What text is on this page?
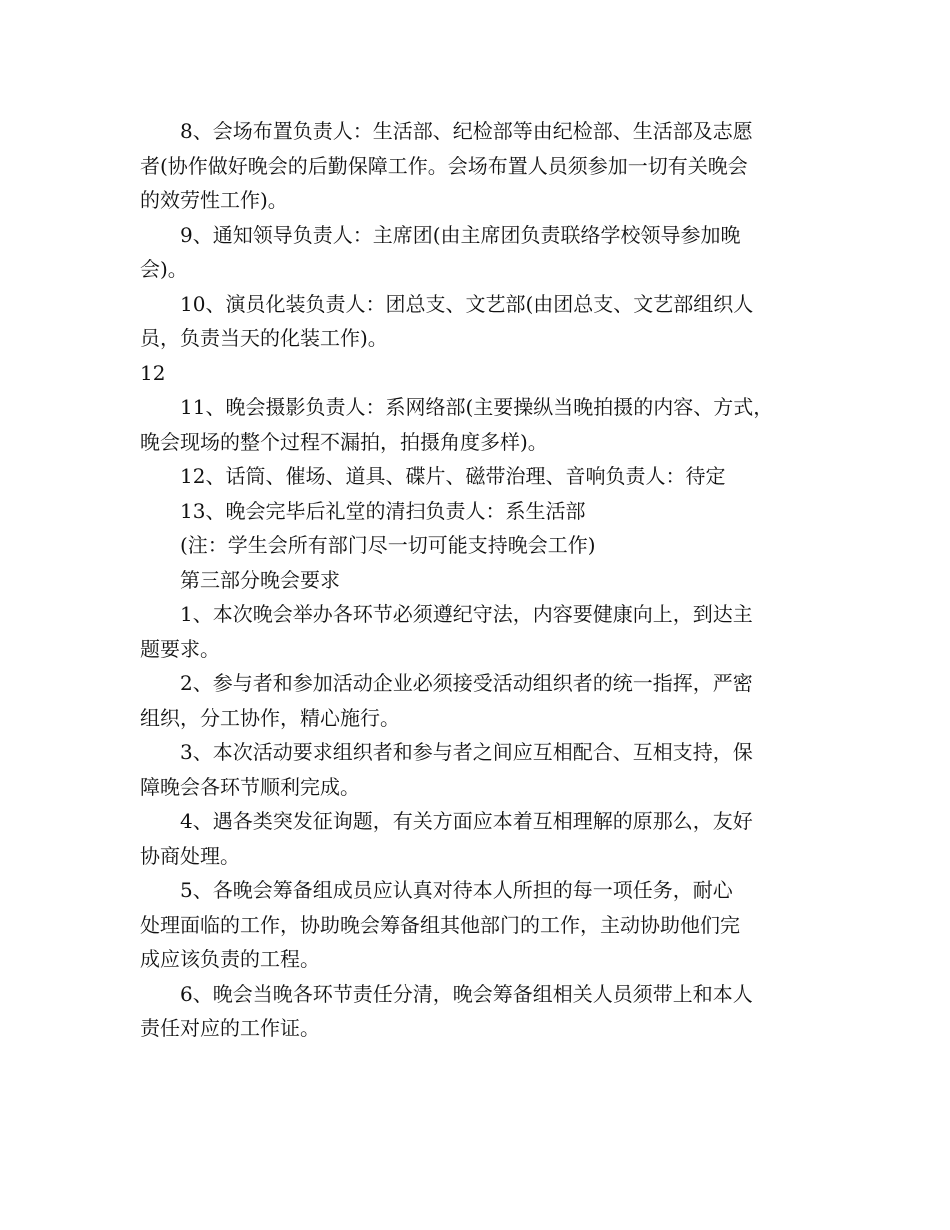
8、会场布置负责人：生活部、纪检部等由纪检部、生活部及志愿
者(协作做好晚会的后勤保障工作。会场布置人员须参加一切有关晚会
的效劳性工作)。

9、通知领导负责人：主席团(由主席团负责联络学校领导参加晚
会)。

10、演员化装负责人：团总支、文艺部(由团总支、文艺部组织人
员，负责当天的化装工作)。

12

11、晚会摄影负责人：系网络部(主要操纵当晚拍摄的内容、方式，
晚会现场的整个过程不漏拍，拍摄角度多样)。

12、话筒、催场、道具、碟片、磁带治理、音响负责人：待定

13、晚会完毕后礼堂的清扫负责人：系生活部

(注：学生会所有部门尽一切可能支持晚会工作)

第三部分晚会要求

1、本次晚会举办各环节必须遵纪守法，内容要健康向上，到达主
题要求。

2、参与者和参加活动企业必须接受活动组织者的统一指挥，严密
组织，分工协作，精心施行。

3、本次活动要求组织者和参与者之间应互相配合、互相支持，保
障晚会各环节顺利完成。

4、遇各类突发征询题，有关方面应本着互相理解的原那么，友好
协商处理。

5、各晚会筹备组成员应认真对待本人所担的每一项任务，耐心
处理面临的工作，协助晚会筹备组其他部门的工作，主动协助他们完
成应该负责的工程。

6、晚会当晚各环节责任分清，晚会筹备组相关人员须带上和本人
责任对应的工作证。
